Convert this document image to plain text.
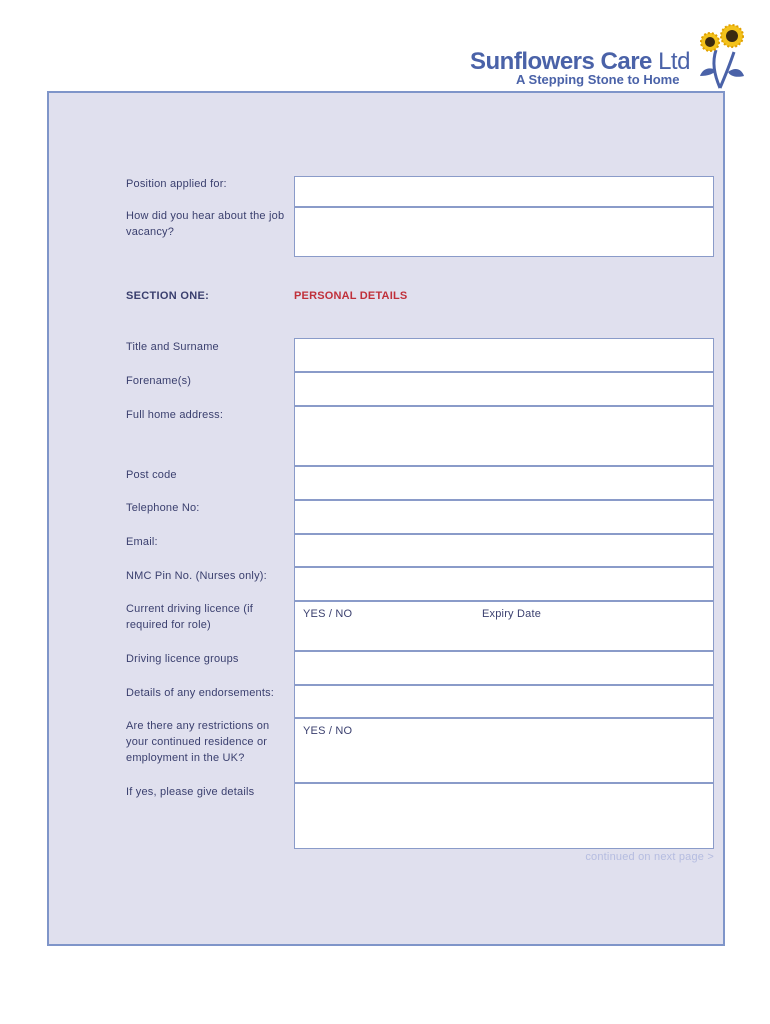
Sunflowers Care Ltd
A Stepping Stone to Home
Position applied for:
How did you hear about the job vacancy?
SECTION ONE:	PERSONAL DETAILS
Title and Surname
Forename(s)
Full home address:
Post code
Telephone No:
Email:
NMC Pin No. (Nurses only):
Current driving licence (if required for role)
YES / NO	Expiry Date
Driving licence groups
Details of any endorsements:
Are there any restrictions on your continued residence or employment in the UK?
YES / NO
If yes, please give details
continued on next page >
